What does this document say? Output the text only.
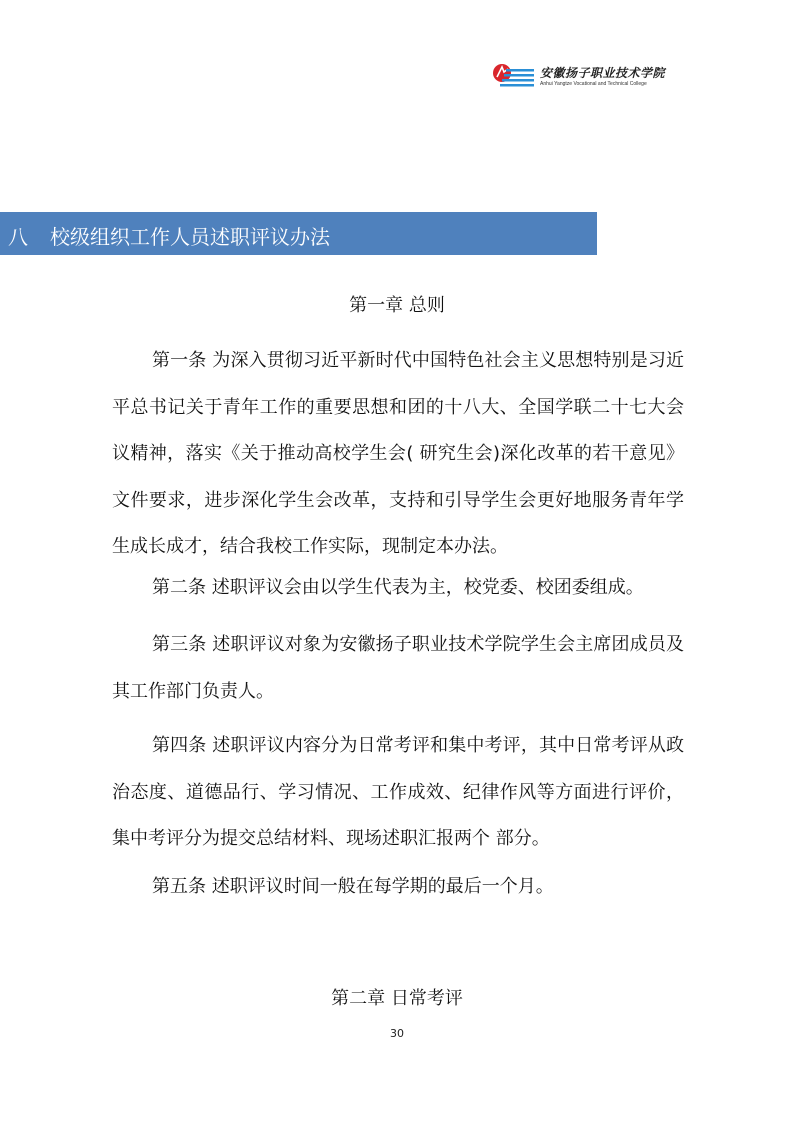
安徽扬子职业技术学院
Anhui Yangtze Vocational and Technical College
八 校级组织工作人员述职评议办法
第一章 总则

第一条 为深入贯彻习近平新时代中国特色社会主义思想特别是习近平总书记关于青年工作的重要思想和团的十八大、全国学联二十七大会议精神，落实《关于推动高校学生会( 研究生会)深化改革的若干意见》文件要求，进步深化学生会改革，支持和引导学生会更好地服务青年学生成长成才，结合我校工作实际，现制定本办法。

第二条 述职评议会由以学生代表为主，校党委、校团委组成。

第三条 述职评议对象为安徽扬子职业技术学院学生会主席团成员及其工作部门负责人。

第四条 述职评议内容分为日常考评和集中考评，其中日常考评从政治态度、道德品行、学习情况、工作成效、纪律作风等方面进行评价，集中考评分为提交总结材料、现场述职汇报两个 部分。

第五条 述职评议时间一般在每学期的最后一个月。

第二章 日常考评
30
